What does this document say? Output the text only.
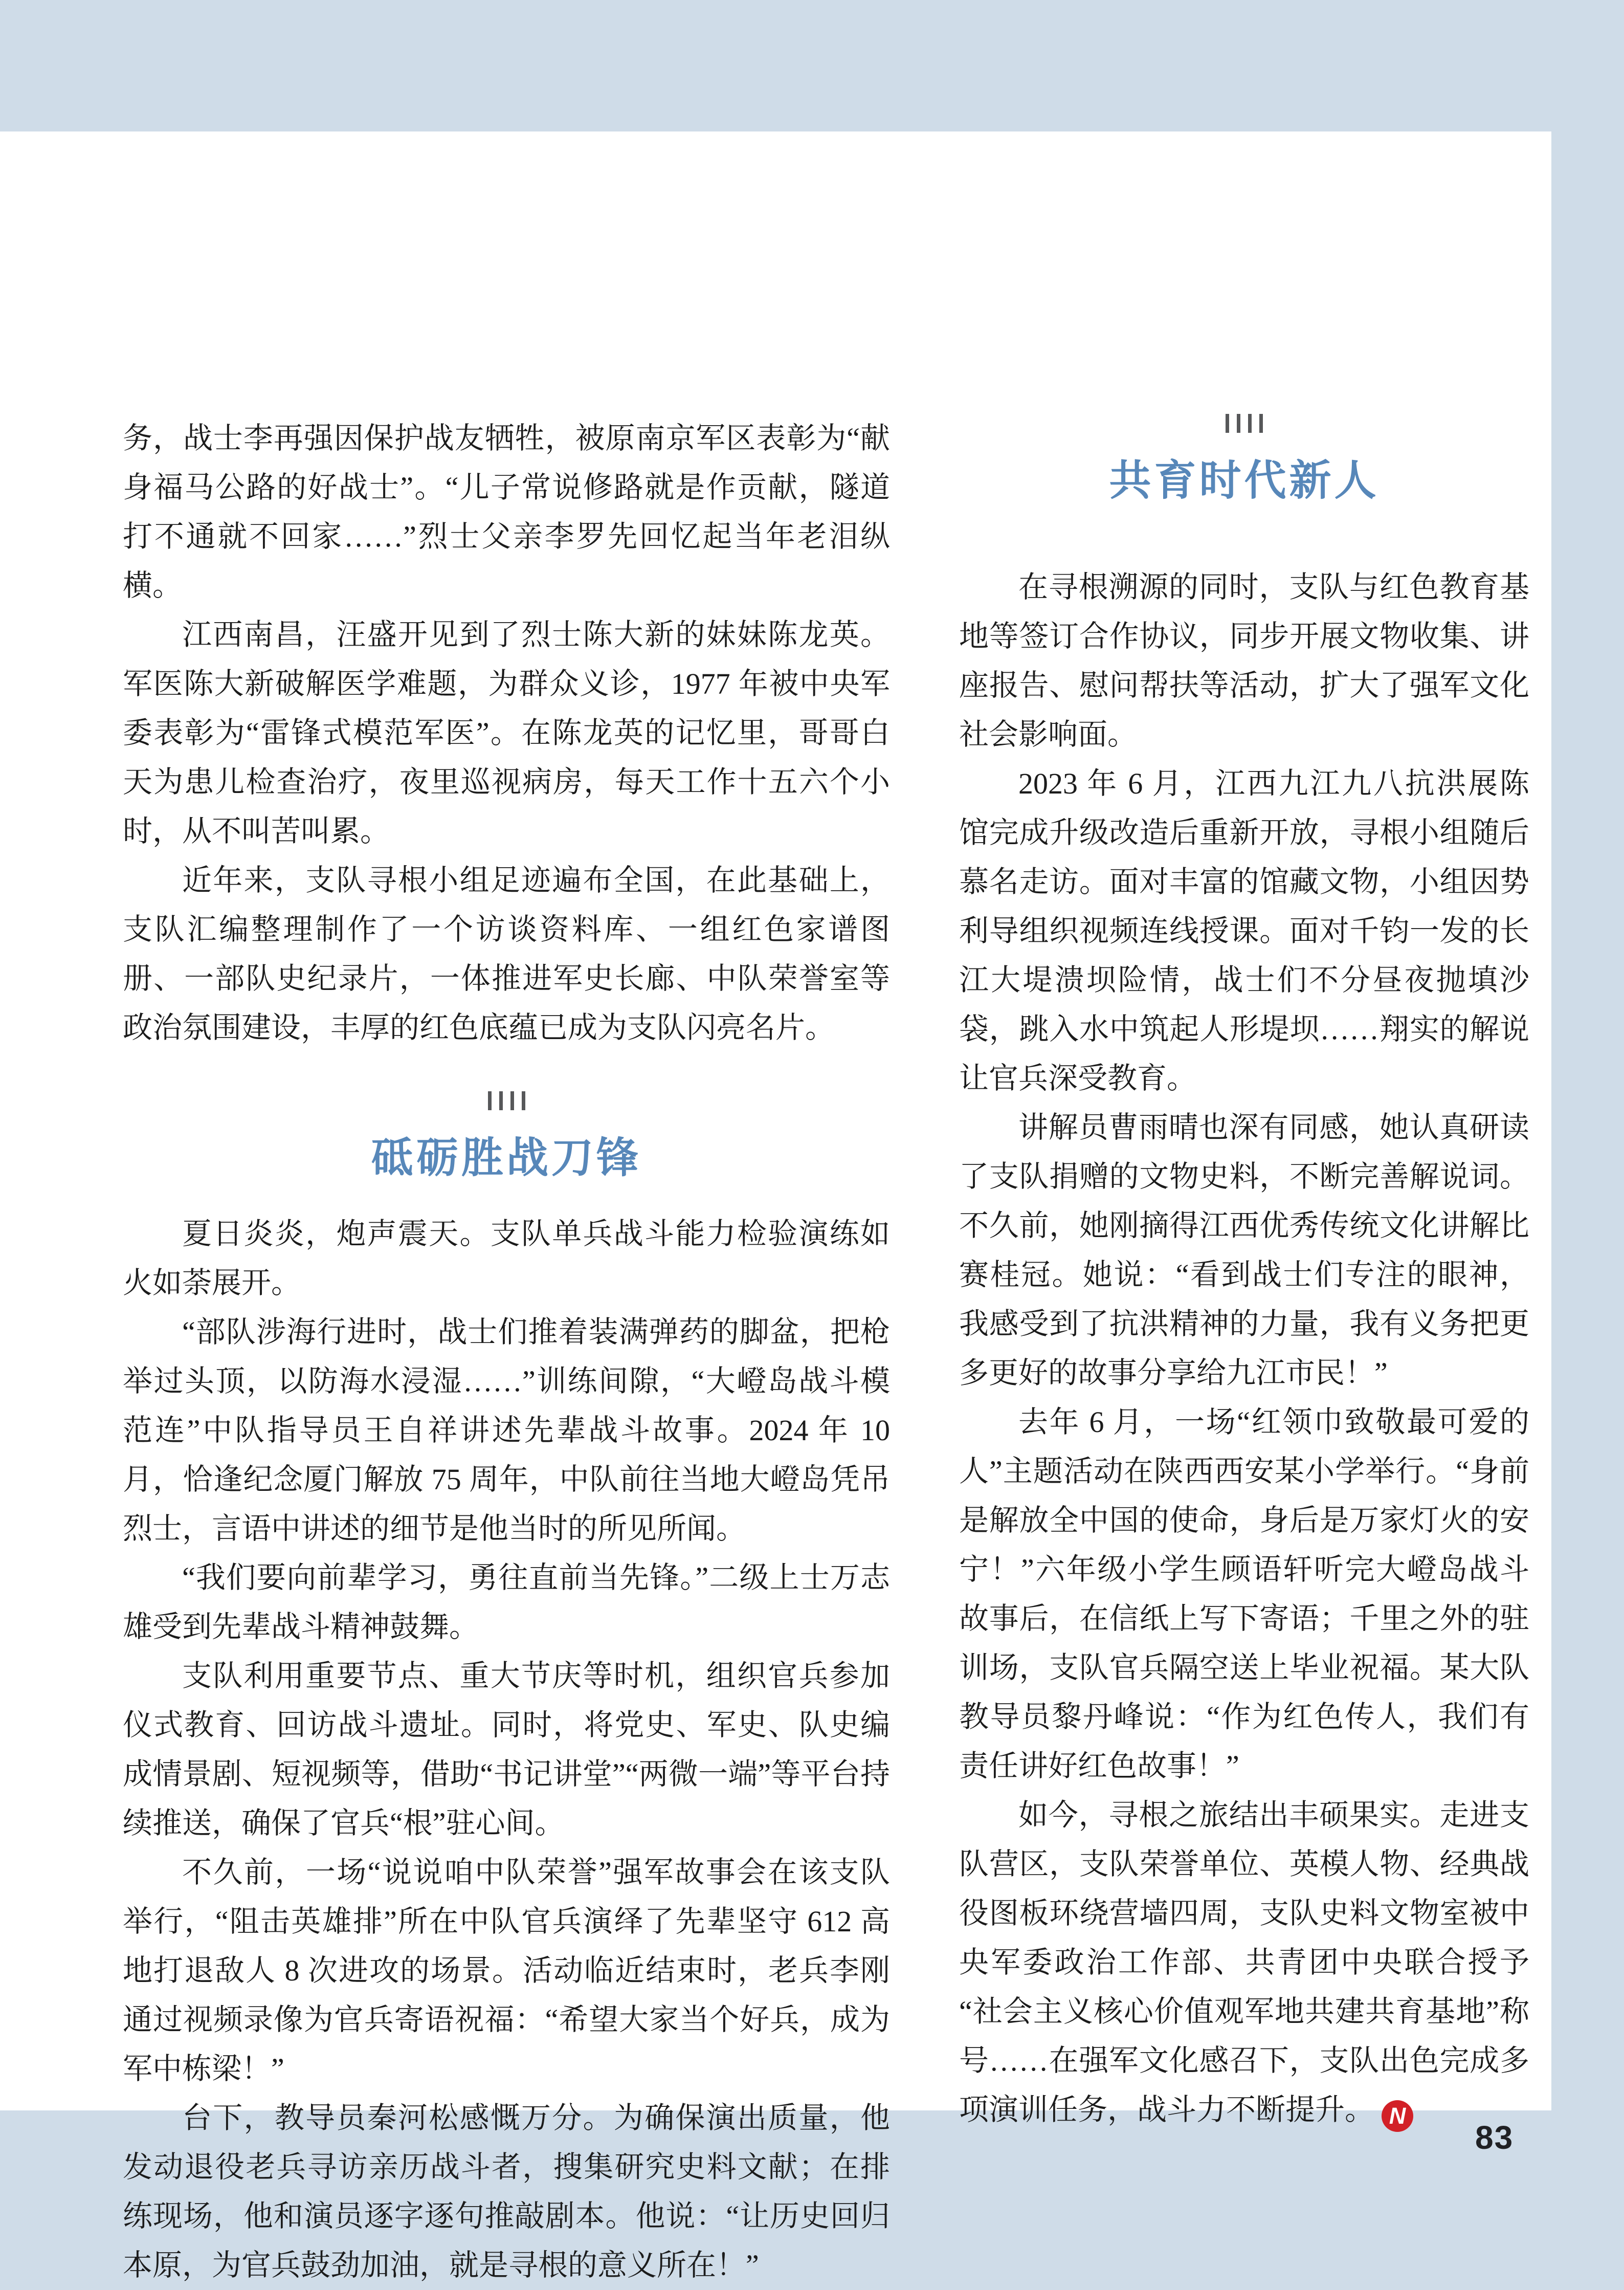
务，战士李再强因保护战友牺牲，被原南京军区表彰为“献身福马公路的好战士”。“儿子常说修路就是作贡献，隧道打不通就不回家……”烈士父亲李罗先回忆起当年老泪纵横。

江西南昌，汪盛开见到了烈士陈大新的妹妹陈龙英。军医陈大新破解医学难题，为群众义诊，1977 年被中央军委表彰为“雷锋式模范军医”。在陈龙英的记忆里，哥哥白天为患儿检查治疗，夜里巡视病房，每天工作十五六个小时，从不叫苦叫累。

近年来，支队寻根小组足迹遍布全国，在此基础上，支队汇编整理制作了一个访谈资料库、一组红色家谱图册、一部队史纪录片，一体推进军史长廊、中队荣誉室等政治氛围建设，丰厚的红色底蕴已成为支队闪亮名片。

砥砺胜战刀锋

夏日炎炎，炮声震天。支队单兵战斗能力检验演练如火如荼展开。

“部队涉海行进时，战士们推着装满弹药的脚盆，把枪举过头顶，以防海水浸湿……”训练间隙，“大嶝岛战斗模范连”中队指导员王自祥讲述先辈战斗故事。2024 年 10 月，恰逢纪念厦门解放 75 周年，中队前往当地大嶝岛凭吊烈士，言语中讲述的细节是他当时的所见所闻。

“我们要向前辈学习，勇往直前当先锋。”二级上士万志雄受到先辈战斗精神鼓舞。

支队利用重要节点、重大节庆等时机，组织官兵参加仪式教育、回访战斗遗址。同时，将党史、军史、队史编成情景剧、短视频等，借助“书记讲堂”“两微一端”等平台持续推送，确保了官兵“根”驻心间。

不久前，一场“说说咱中队荣誉”强军故事会在该支队举行，“阻击英雄排”所在中队官兵演绎了先辈坚守 612 高地打退敌人 8 次进攻的场景。活动临近结束时，老兵李刚通过视频录像为官兵寄语祝福：“希望大家当个好兵，成为军中栋梁！”

台下，教导员秦河松感慨万分。为确保演出质量，他发动退役老兵寻访亲历战斗者，搜集研究史料文献；在排练现场，他和演员逐字逐句推敲剧本。他说：“让历史回归本原，为官兵鼓劲加油，就是寻根的意义所在！”

共育时代新人

在寻根溯源的同时，支队与红色教育基地等签订合作协议，同步开展文物收集、讲座报告、慰问帮扶等活动，扩大了强军文化社会影响面。

2023 年 6 月，江西九江九八抗洪展陈馆完成升级改造后重新开放，寻根小组随后慕名走访。面对丰富的馆藏文物，小组因势利导组织视频连线授课。面对千钧一发的长江大堤溃坝险情，战士们不分昼夜抛填沙袋，跳入水中筑起人形堤坝……翔实的解说让官兵深受教育。

讲解员曹雨晴也深有同感，她认真研读了支队捐赠的文物史料，不断完善解说词。不久前，她刚摘得江西优秀传统文化讲解比赛桂冠。她说：“看到战士们专注的眼神，我感受到了抗洪精神的力量，我有义务把更多更好的故事分享给九江市民！”

去年 6 月，一场“红领巾致敬最可爱的人”主题活动在陕西西安某小学举行。“身前是解放全中国的使命，身后是万家灯火的安宁！”六年级小学生顾语轩听完大嶝岛战斗故事后，在信纸上写下寄语；千里之外的驻训场，支队官兵隔空送上毕业祝福。某大队教导员黎丹峰说：“作为红色传人，我们有责任讲好红色故事！”

如今，寻根之旅结出丰硕果实。走进支队营区，支队荣誉单位、英模人物、经典战役图板环绕营墙四周，支队史料文物室被中央军委政治工作部、共青团中央联合授予“社会主义核心价值观军地共建共育基地”称号……在强军文化感召下，支队出色完成多项演训任务，战斗力不断提升。 N

83
